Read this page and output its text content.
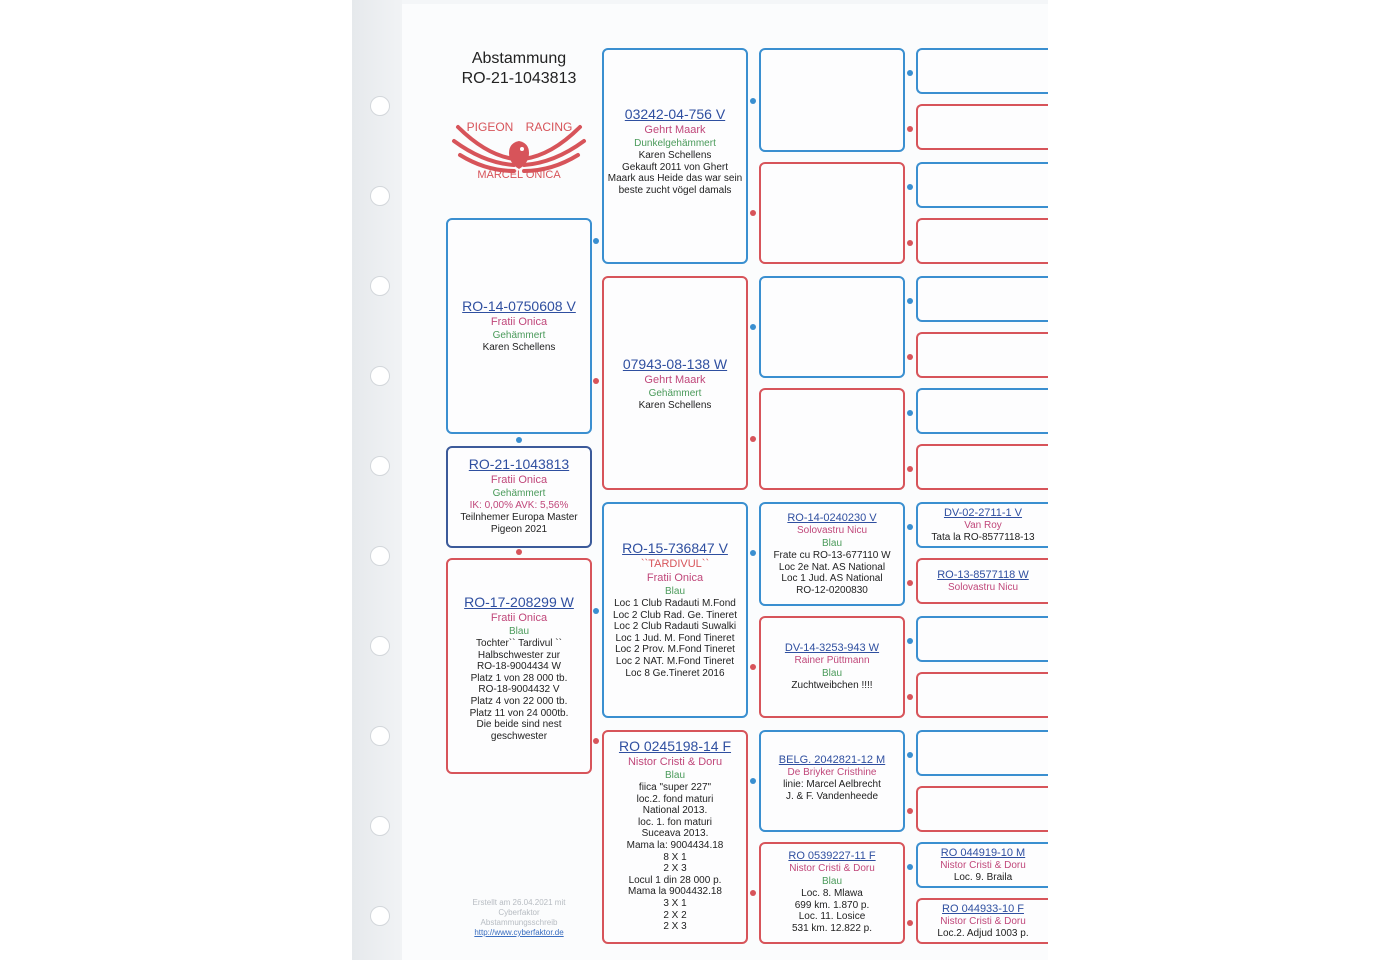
Abstammung
RO-21-1043813
PIGEON RACING
MARCEL ONICA
RO-14-0750608 V
Fratii Onica
Gehämmert
Karen Schellens
RO-21-1043813
Fratii Onica
Gehämmert
IK: 0,00% AVK: 5,56%
Teilnhemer Europa Master
Pigeon 2021
RO-17-208299 W
Fratii Onica
Blau
Tochter`` Tardivul ``
Halbschwester zur
RO-18-9004434 W
Platz 1 von 28 000 tb.
RO-18-9004432 V
Platz 4 von 22 000 tb.
Platz 11 von 24 000tb.
Die beide sind nest
geschwester
03242-04-756 V
Gehrt Maark
Dunkelgehämmert
Karen Schellens
Gekauft 2011 von Ghert
Maark aus Heide das war sein
beste zucht vögel damals
07943-08-138 W
Gehrt Maark
Gehämmert
Karen Schellens
RO-15-736847 V
``TARDIVUL``
Fratii Onica
Blau
Loc 1 Club Radauti M.Fond
Loc 2 Club Rad. Ge. Tineret
Loc 2 Club Radauti Suwalki
Loc 1 Jud. M. Fond Tineret
Loc 2 Prov. M.Fond Tineret
Loc 2 NAT. M.Fond Tineret
Loc 8 Ge.Tineret 2016
RO 0245198-14 F
Nistor Cristi & Doru
Blau
fiica "super 227"
loc.2. fond maturi
National 2013.
loc. 1. fon maturi
Suceava 2013.
Mama la: 9004434.18
8 X 1
2 X 3
Locul 1 din 28 000 p.
Mama la 9004432.18
3 X 1
2 X 2
2 X 3
RO-14-0240230 V
Solovastru Nicu
Blau
Frate cu RO-13-677110 W
Loc 2e Nat. AS National
Loc 1 Jud. AS National
RO-12-0200830
DV-14-3253-943 W
Rainer Püttmann
Blau
Zuchtweibchen !!!!
BELG. 2042821-12 M
De Briyker Cristhine
linie: Marcel Aelbrecht
J. & F. Vandenheede
RO 0539227-11 F
Nistor Cristi & Doru
Blau
Loc. 8. Mlawa
699 km. 1.870 p.
Loc. 11. Losice
531 km. 12.822 p.
DV-02-2711-1 V
Van Roy
Tata la RO-8577118-13
RO-13-8577118 W
Solovastru Nicu
RO 044919-10 M
Nistor Cristi & Doru
Loc. 9. Braila
RO 044933-10 F
Nistor Cristi & Doru
Loc.2. Adjud 1003 p.
Erstellt am 26.04.2021 mit
Cyberfaktor
Abstammungsschreib
http://www.cyberfaktor.de
